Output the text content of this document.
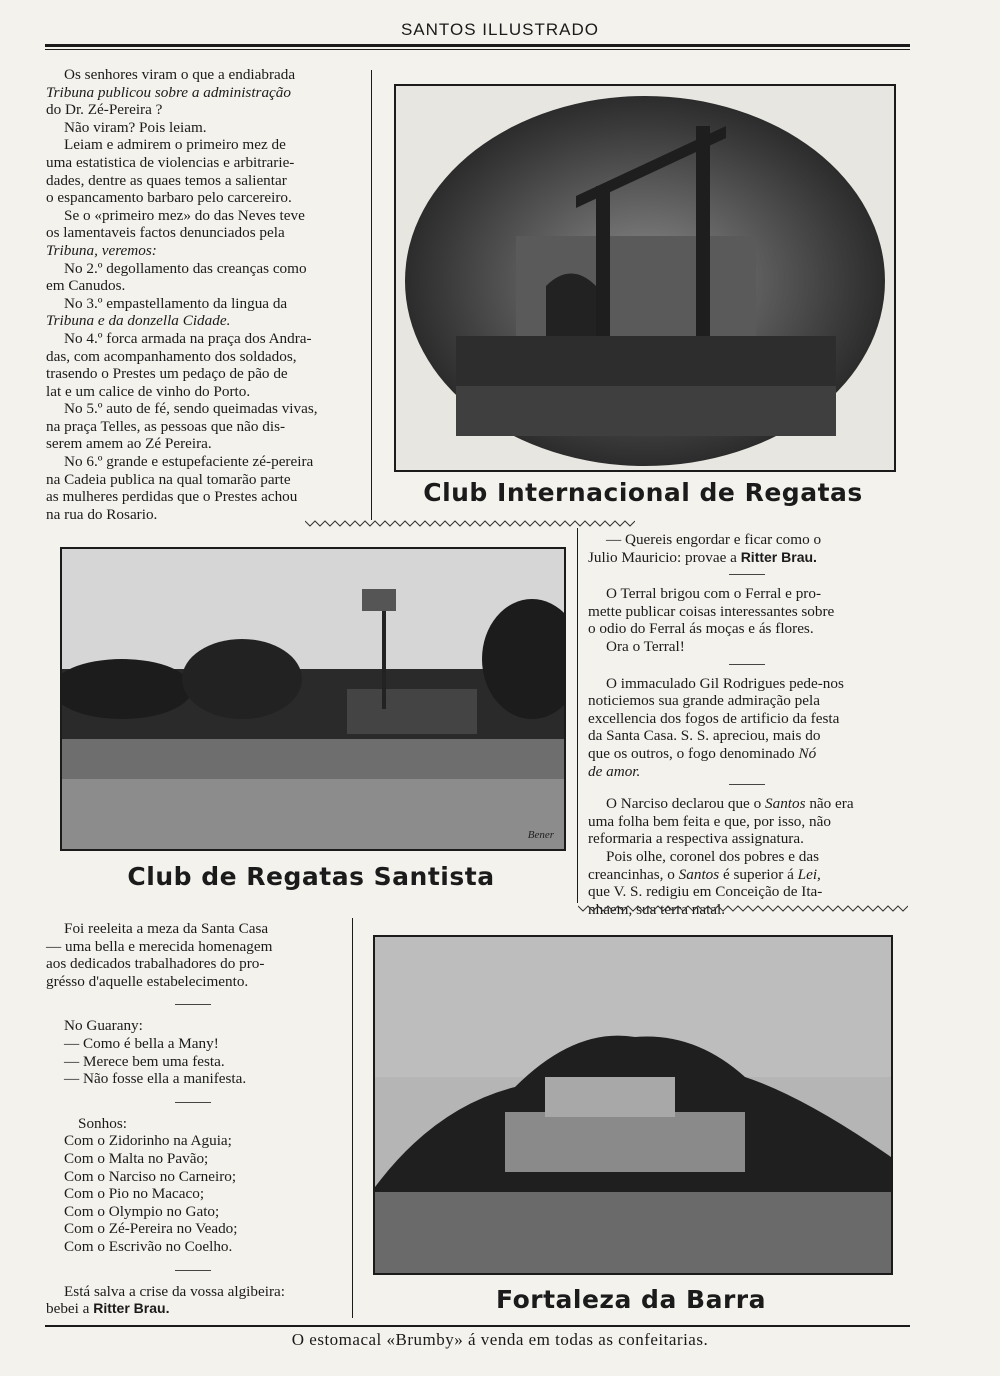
SANTOS ILLUSTRADO

Os senhores viram o que a endiabrada

Tribuna publicou sobre a administração

do Dr. Zé-Pereira ?

Não viram? Pois leiam.

Leiam e admirem o primeiro mez de

uma estatistica de violencias e arbitrarie-

dades, dentre as quaes temos a salientar

o espancamento barbaro pelo carcereiro.

Se o «primeiro mez» do das Neves teve

os lamentaveis factos denunciados pela

Tribuna, veremos:

No 2.º degollamento das creanças como

em Canudos.

No 3.º empastellamento da lingua da

Tribuna e da donzella Cidade.

No 4.º forca armada na praça dos Andra-

das, com acompanhamento dos soldados,

trasendo o Prestes um pedaço de pão de

lat e um calice de vinho do Porto.

No 5.º auto de fé, sendo queimadas vivas,

na praça Telles, as pessoas que não dis-

serem amem ao Zé Pereira.

No 6.º grande e estupefaciente zé-pereira

na Cadeia publica na qual tomarão parte

as mulheres perdidas que o Prestes achou

na rua do Rosario.

Club Internacional de Regatas
Bener
Club de Regatas Santista

— Quereis engordar e ficar como o

Julio Mauricio: provae a Ritter Brau.

O Terral brigou com o Ferral e pro-

mette publicar coisas interessantes sobre

o odio do Ferral ás moças e ás flores.

Ora o Terral!

O immaculado Gil Rodrigues pede-nos

noticiemos sua grande admiração pela

excellencia dos fogos de artificio da festa

da Santa Casa. S. S. apreciou, mais do

que os outros, o fogo denominado Nó

de amor.

O Narciso declarou que o Santos não era

uma folha bem feita e que, por isso, não

reformaria a respectiva assignatura.

Pois olhe, coronel dos pobres e das

creancinhas, o Santos é superior á Lei,

que V. S. redigiu em Conceição de Ita-

nhaem, sua terra natal.

Foi reeleita a meza da Santa Casa

— uma bella e merecida homenagem

aos dedicados trabalhadores do pro-

grésso d'aquelle estabelecimento.

No Guarany:

— Como é bella a Many!

— Merece bem uma festa.

— Não fosse ella a manifesta.

Sonhos:

Com o Zidorinho na Aguia;

Com o Malta no Pavão;

Com o Narciso no Carneiro;

Com o Pio no Macaco;

Com o Olympio no Gato;

Com o Zé-Pereira no Veado;

Com o Escrivão no Coelho.

Está salva a crise da vossa algibeira:

bebei a Ritter Brau.	Fortaleza da Barra
O estomacal «Brumby» á venda em todas as confeitarias.
